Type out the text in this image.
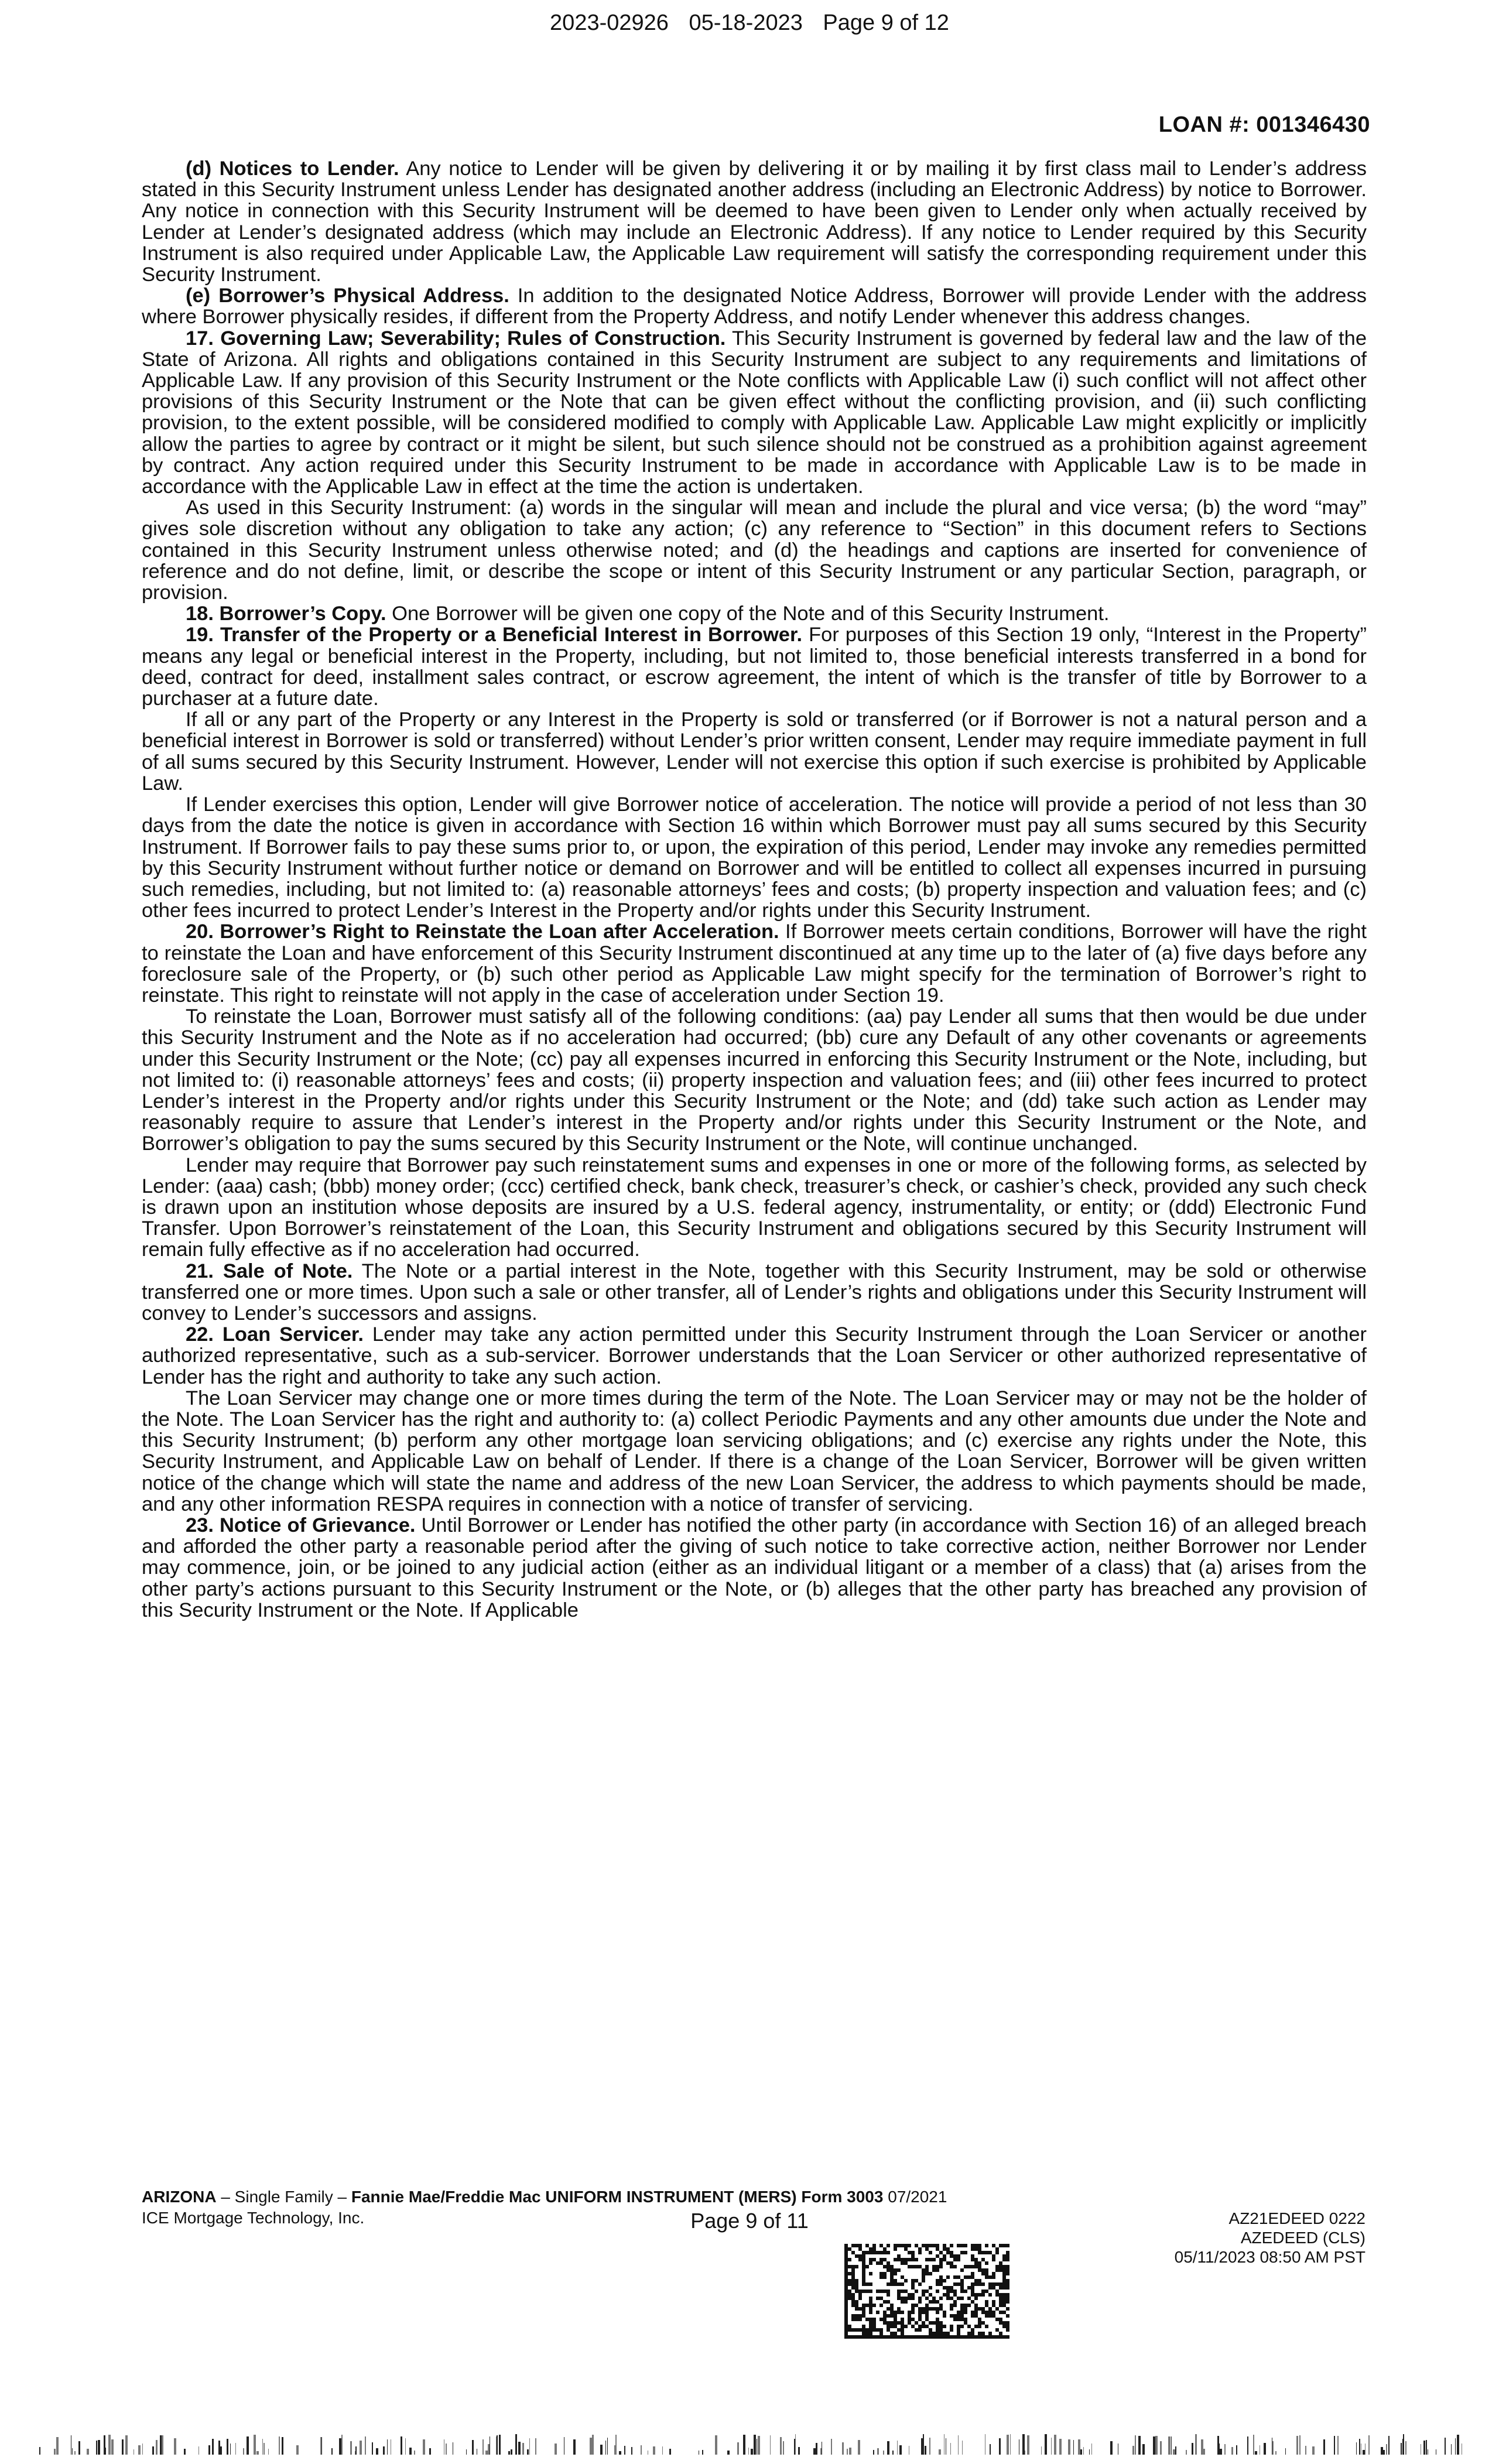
2023-02926 05-18-2023 Page 9 of 12
LOAN #: 001346430

(d) Notices to Lender. Any notice to Lender will be given by delivering it or by mailing it by first class mail to Lender’s address stated in this Security Instrument unless Lender has designated another address (including an Electronic Address) by notice to Borrower. Any notice in connection with this Security Instrument will be deemed to have been given to Lender only when actually received by Lender at Lender’s designated address (which may include an Electronic Address). If any notice to Lender required by this Security Instrument is also required under Applicable Law, the Applicable Law requirement will satisfy the corresponding requirement under this Security Instrument.

(e) Borrower’s Physical Address. In addition to the designated Notice Address, Borrower will provide Lender with the address where Borrower physically resides, if different from the Property Address, and notify Lender whenever this address changes.

17. Governing Law; Severability; Rules of Construction. This Security Instrument is governed by federal law and the law of the State of Arizona. All rights and obligations contained in this Security Instrument are subject to any requirements and limitations of Applicable Law. If any provision of this Security Instrument or the Note conflicts with Applicable Law (i) such conflict will not affect other provisions of this Security Instrument or the Note that can be given effect without the conflicting provision, and (ii) such conflicting provision, to the extent possible, will be considered modified to comply with Applicable Law. Applicable Law might explicitly or implicitly allow the parties to agree by contract or it might be silent, but such silence should not be construed as a prohibition against agreement by contract. Any action required under this Security Instrument to be made in accordance with Applicable Law is to be made in accordance with the Applicable Law in effect at the time the action is undertaken.

As used in this Security Instrument: (a) words in the singular will mean and include the plural and vice versa; (b) the word “may” gives sole discretion without any obligation to take any action; (c) any reference to “Section” in this document refers to Sections contained in this Security Instrument unless otherwise noted; and (d) the headings and captions are inserted for convenience of reference and do not define, limit, or describe the scope or intent of this Security Instrument or any particular Section, paragraph, or provision.

18. Borrower’s Copy. One Borrower will be given one copy of the Note and of this Security Instrument.

19. Transfer of the Property or a Beneficial Interest in Borrower. For purposes of this Section 19 only, “Interest in the Property” means any legal or beneficial interest in the Property, including, but not limited to, those beneficial interests transferred in a bond for deed, contract for deed, installment sales contract, or escrow agreement, the intent of which is the transfer of title by Borrower to a purchaser at a future date.

If all or any part of the Property or any Interest in the Property is sold or transferred (or if Borrower is not a natural person and a beneficial interest in Borrower is sold or transferred) without Lender’s prior written consent, Lender may require immediate payment in full of all sums secured by this Security Instrument. However, Lender will not exercise this option if such exercise is prohibited by Applicable Law.

If Lender exercises this option, Lender will give Borrower notice of acceleration. The notice will provide a period of not less than 30 days from the date the notice is given in accordance with Section 16 within which Borrower must pay all sums secured by this Security Instrument. If Borrower fails to pay these sums prior to, or upon, the expiration of this period, Lender may invoke any remedies permitted by this Security Instrument without further notice or demand on Borrower and will be entitled to collect all expenses incurred in pursuing such remedies, including, but not limited to: (a) reasonable attorneys’ fees and costs; (b) property inspection and valuation fees; and (c) other fees incurred to protect Lender’s Interest in the Property and/or rights under this Security Instrument.

20. Borrower’s Right to Reinstate the Loan after Acceleration. If Borrower meets certain conditions, Borrower will have the right to reinstate the Loan and have enforcement of this Security Instrument discontinued at any time up to the later of (a) five days before any foreclosure sale of the Property, or (b) such other period as Applicable Law might specify for the termination of Borrower’s right to reinstate. This right to reinstate will not apply in the case of acceleration under Section 19.

To reinstate the Loan, Borrower must satisfy all of the following conditions: (aa) pay Lender all sums that then would be due under this Security Instrument and the Note as if no acceleration had occurred; (bb) cure any Default of any other covenants or agreements under this Security Instrument or the Note; (cc) pay all expenses incurred in enforcing this Security Instrument or the Note, including, but not limited to: (i) reasonable attorneys’ fees and costs; (ii) property inspection and valuation fees; and (iii) other fees incurred to protect Lender’s interest in the Property and/or rights under this Security Instrument or the Note; and (dd) take such action as Lender may reasonably require to assure that Lender’s interest in the Property and/or rights under this Security Instrument or the Note, and Borrower’s obligation to pay the sums secured by this Security Instrument or the Note, will continue unchanged.

Lender may require that Borrower pay such reinstatement sums and expenses in one or more of the following forms, as selected by Lender: (aaa) cash; (bbb) money order; (ccc) certified check, bank check, treasurer’s check, or cashier’s check, provided any such check is drawn upon an institution whose deposits are insured by a U.S. federal agency, instrumentality, or entity; or (ddd) Electronic Fund Transfer. Upon Borrower’s reinstatement of the Loan, this Security Instrument and obligations secured by this Security Instrument will remain fully effective as if no acceleration had occurred.

21. Sale of Note. The Note or a partial interest in the Note, together with this Security Instrument, may be sold or otherwise transferred one or more times. Upon such a sale or other transfer, all of Lender’s rights and obligations under this Security Instrument will convey to Lender’s successors and assigns.

22. Loan Servicer. Lender may take any action permitted under this Security Instrument through the Loan Servicer or another authorized representative, such as a sub-servicer. Borrower understands that the Loan Servicer or other authorized representative of Lender has the right and authority to take any such action.

The Loan Servicer may change one or more times during the term of the Note. The Loan Servicer may or may not be the holder of the Note. The Loan Servicer has the right and authority to: (a) collect Periodic Payments and any other amounts due under the Note and this Security Instrument; (b) perform any other mortgage loan servicing obligations; and (c) exercise any rights under the Note, this Security Instrument, and Applicable Law on behalf of Lender. If there is a change of the Loan Servicer, Borrower will be given written notice of the change which will state the name and address of the new Loan Servicer, the address to which payments should be made, and any other information RESPA requires in connection with a notice of transfer of servicing.

23. Notice of Grievance. Until Borrower or Lender has notified the other party (in accordance with Section 16) of an alleged breach and afforded the other party a reasonable period after the giving of such notice to take corrective action, neither Borrower nor Lender may commence, join, or be joined to any judicial action (either as an individual litigant or a member of a class) that (a) arises from the other party’s actions pursuant to this Security Instrument or the Note, or (b) alleges that the other party has breached any provision of this Security Instrument or the Note. If Applicable

ARIZONA – Single Family – Fannie Mae/Freddie Mac UNIFORM INSTRUMENT (MERS) Form 3003 07/2021
ICE Mortgage Technology, Inc.	Page 9 of 11	AZ21EDEED 0222
AZEDEED (CLS)
05/11/2023 08:50 AM PST
